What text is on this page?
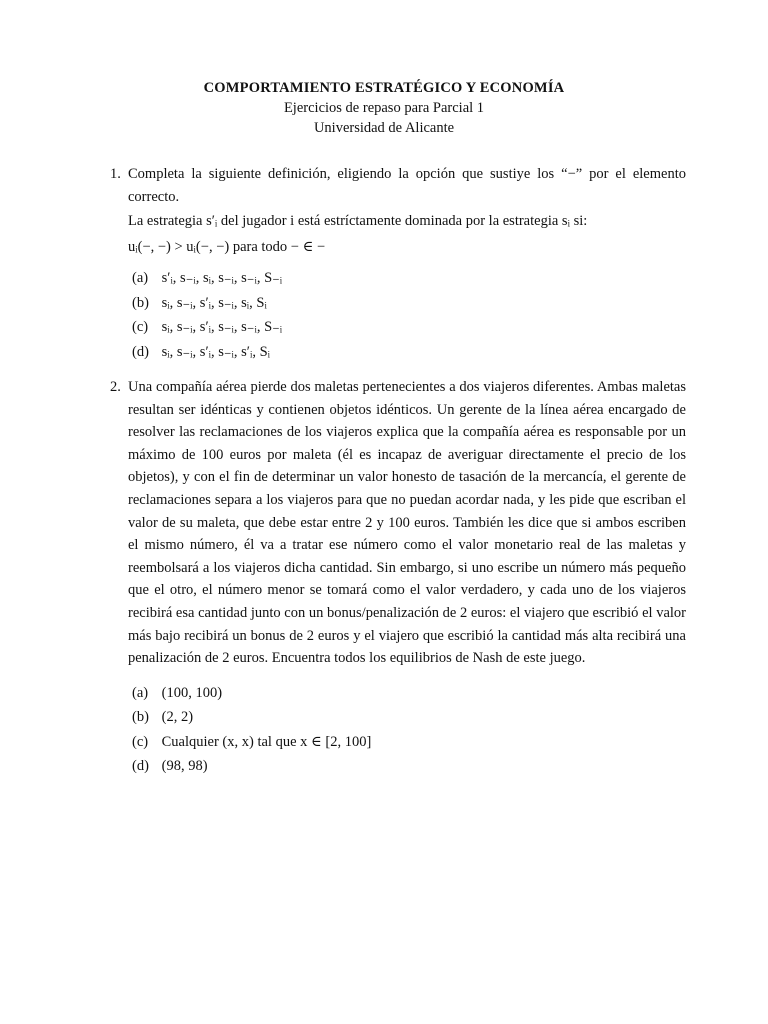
COMPORTAMIENTO ESTRATÉGICO Y ECONOMÍA
Ejercicios de repaso para Parcial 1
Universidad de Alicante
1. Completa la siguiente definición, eligiendo la opción que sustiye los “−” por el elemento correcto.

La estrategia s′ᵢ del jugador i está estríctamente dominada por la estrategia sᵢ si:

uᵢ(−, −) > uᵢ(−, −) para todo − ∈ −

(a) s′ᵢ, s₋ᵢ, sᵢ, s₋ᵢ, s₋ᵢ, S₋ᵢ
(b) sᵢ, s₋ᵢ, s′ᵢ, s₋ᵢ, sᵢ, Sᵢ
(c) sᵢ, s₋ᵢ, s′ᵢ, s₋ᵢ, s₋ᵢ, S₋ᵢ
(d) sᵢ, s₋ᵢ, s′ᵢ, s₋ᵢ, s′ᵢ, Sᵢ
2. Una compañía aérea pierde dos maletas pertenecientes a dos viajeros diferentes. Ambas maletas resultan ser idénticas y contienen objetos idénticos. Un gerente de la línea aérea encargado de resolver las reclamaciones de los viajeros explica que la compañía aérea es responsable por un máximo de 100 euros por maleta (él es incapaz de averiguar directamente el precio de los objetos), y con el fin de determinar un valor honesto de tasación de la mercancía, el gerente de reclamaciones separa a los viajeros para que no puedan acordar nada, y les pide que escriban el valor de su maleta, que debe estar entre 2 y 100 euros. También les dice que si ambos escriben el mismo número, él va a tratar ese número como el valor monetario real de las maletas y reembolsará a los viajeros dicha cantidad. Sin embargo, si uno escribe un número más pequeño que el otro, el número menor se tomará como el valor verdadero, y cada uno de los viajeros recibirá esa cantidad junto con un bonus/penalización de 2 euros: el viajero que escribió el valor más bajo recibirá un bonus de 2 euros y el viajero que escribió la cantidad más alta recibirá una penalización de 2 euros. Encuentra todos los equilibrios de Nash de este juego.

(a) (100, 100)
(b) (2, 2)
(c) Cualquier (x, x) tal que x ∈ [2, 100]
(d) (98, 98)
